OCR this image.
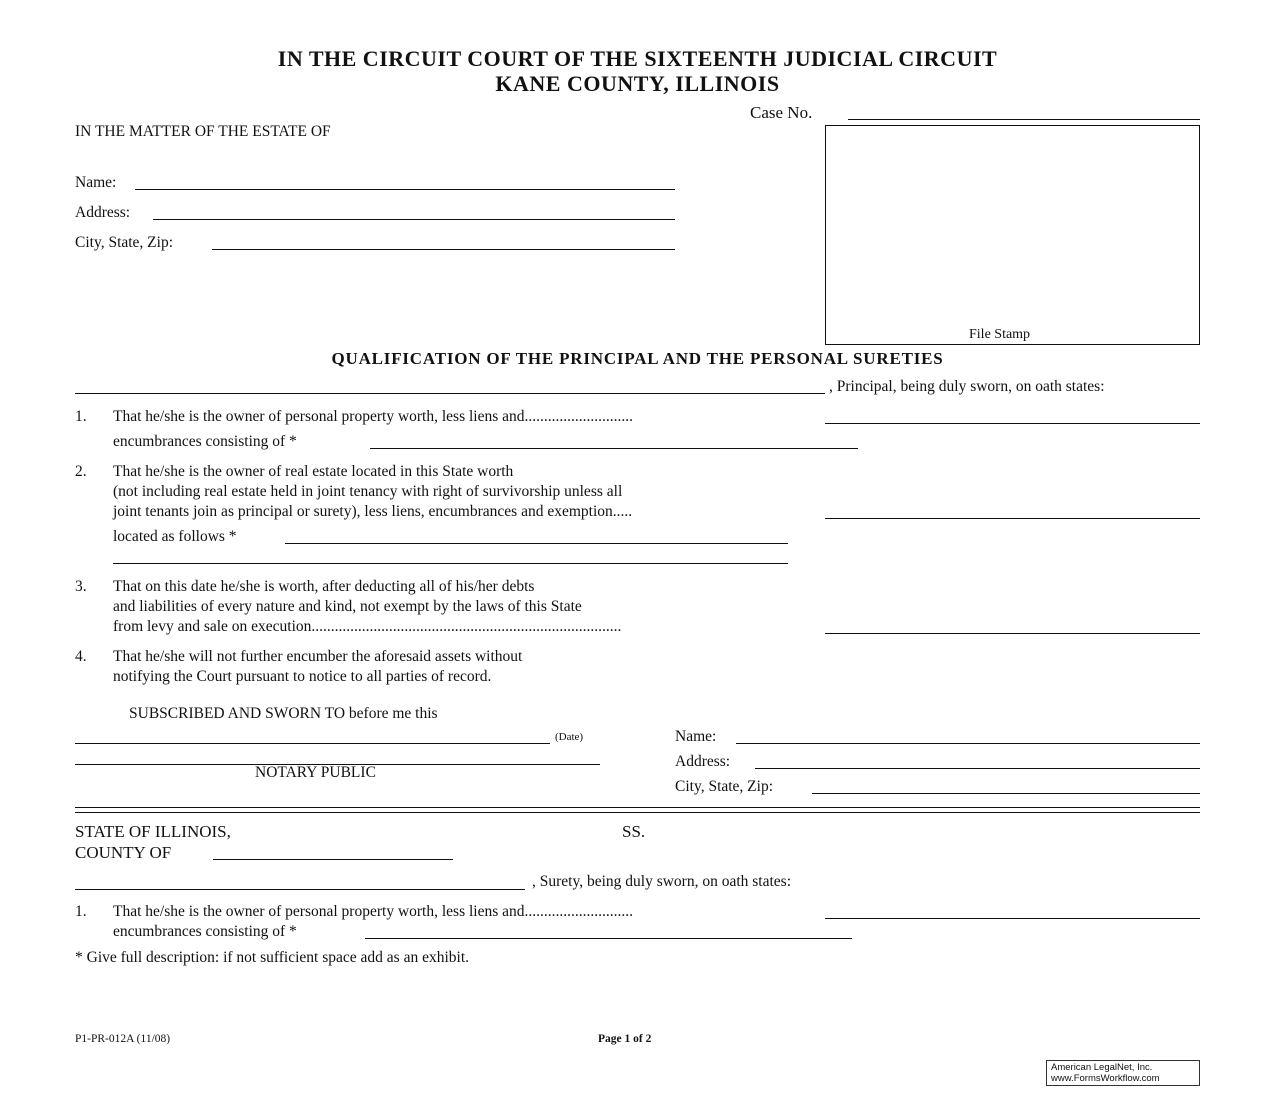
IN THE CIRCUIT COURT OF THE SIXTEENTH JUDICIAL CIRCUIT
KANE COUNTY, ILLINOIS
Case No.
IN THE MATTER OF THE ESTATE OF
Name:
Address:
City, State, Zip:
File Stamp
QUALIFICATION OF THE PRINCIPAL AND THE PERSONAL SURETIES
, Principal, being duly sworn, on oath states:
1. That he/she is the owner of personal property worth, less liens and............................
encumbrances consisting of *
2. That he/she is the owner of real estate located in this State worth
(not including real estate held in joint tenancy with right of survivorship unless all
joint tenants join as principal or surety), less liens, encumbrances and exemption.....
located as follows *
3. That on this date he/she is worth, after deducting all of his/her debts
and liabilities of every nature and kind, not exempt by the laws of this State
from levy and sale on execution................................................................................
4. That he/she will not further encumber the aforesaid assets without
notifying the Court pursuant to notice to all parties of record.
SUBSCRIBED AND SWORN TO before me this
(Date)
NOTARY PUBLIC
Name:
Address:
City, State, Zip:
STATE OF ILLINOIS,	SS.
COUNTY OF
, Surety, being duly sworn, on oath states:
1. That he/she is the owner of personal property worth, less liens and............................
encumbrances consisting of *
* Give full description: if not sufficient space add as an exhibit.
P1-PR-012A (11/08)	Page 1 of 2
American LegalNet, Inc.
www.FormsWorkflow.com
